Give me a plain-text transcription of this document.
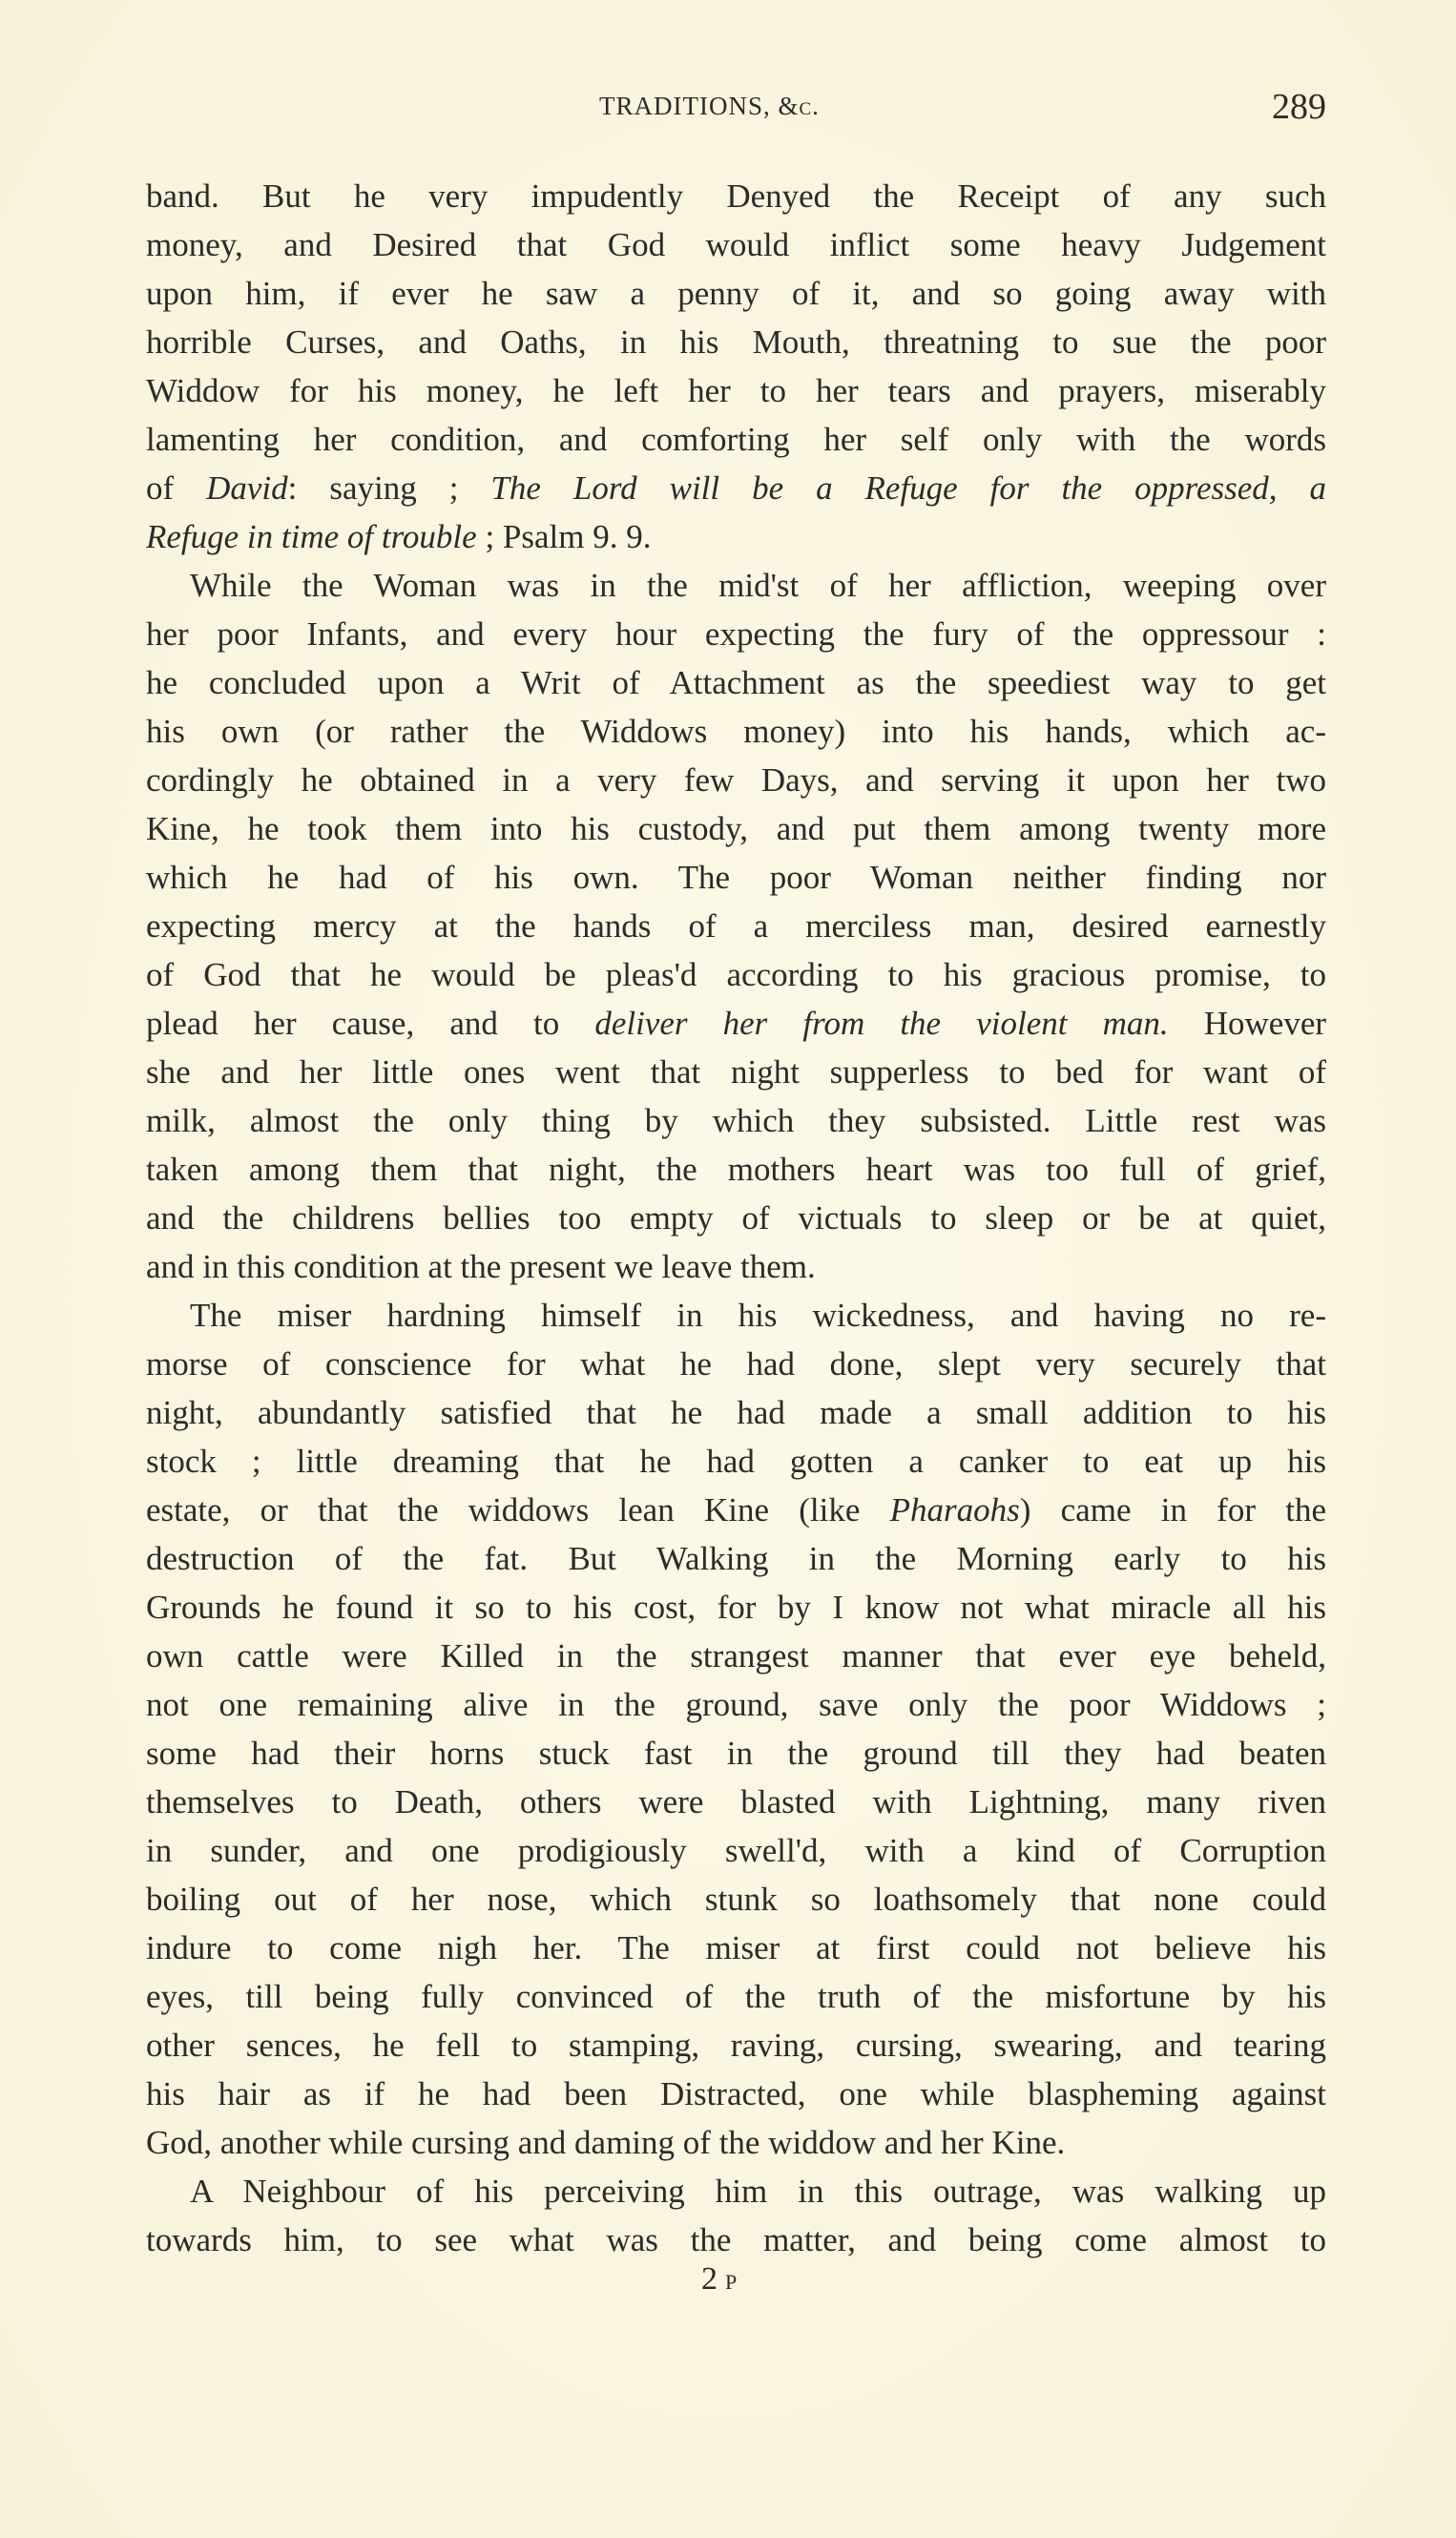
TRADITIONS, &c.	289
band. But he very impudently Denyed the Receipt of any such
money, and Desired that God would inflict some heavy Judgement
upon him, if ever he saw a penny of it, and so going away with
horrible Curses, and Oaths, in his Mouth, threatning to sue the poor
Widdow for his money, he left her to her tears and prayers, miserably
lamenting her condition, and comforting her self only with the words
of David: saying ; The Lord will be a Refuge for the oppressed, a
Refuge in time of trouble ; Psalm 9. 9.
While the Woman was in the mid'st of her affliction, weeping over
her poor Infants, and every hour expecting the fury of the oppressour :
he concluded upon a Writ of Attachment as the speediest way to get
his own (or rather the Widdows money) into his hands, which ac-
cordingly he obtained in a very few Days, and serving it upon her two
Kine, he took them into his custody, and put them among twenty more
which he had of his own. The poor Woman neither finding nor
expecting mercy at the hands of a merciless man, desired earnestly
of God that he would be pleas'd according to his gracious promise, to
plead her cause, and to deliver her from the violent man. However
she and her little ones went that night supperless to bed for want of
milk, almost the only thing by which they subsisted. Little rest was
taken among them that night, the mothers heart was too full of grief,
and the childrens bellies too empty of victuals to sleep or be at quiet,
and in this condition at the present we leave them.
The miser hardning himself in his wickedness, and having no re-
morse of conscience for what he had done, slept very securely that
night, abundantly satisfied that he had made a small addition to his
stock ; little dreaming that he had gotten a canker to eat up his
estate, or that the widdows lean Kine (like Pharaohs) came in for the
destruction of the fat. But Walking in the Morning early to his
Grounds he found it so to his cost, for by I know not what miracle all his
own cattle were Killed in the strangest manner that ever eye beheld,
not one remaining alive in the ground, save only the poor Widdows ;
some had their horns stuck fast in the ground till they had beaten
themselves to Death, others were blasted with Lightning, many riven
in sunder, and one prodigiously swell'd, with a kind of Corruption
boiling out of her nose, which stunk so loathsomely that none could
indure to come nigh her. The miser at first could not believe his
eyes, till being fully convinced of the truth of the misfortune by his
other sences, he fell to stamping, raving, cursing, swearing, and tearing
his hair as if he had been Distracted, one while blaspheming against
God, another while cursing and daming of the widdow and her Kine.
A Neighbour of his perceiving him in this outrage, was walking up
towards him, to see what was the matter, and being come almost to
2P
